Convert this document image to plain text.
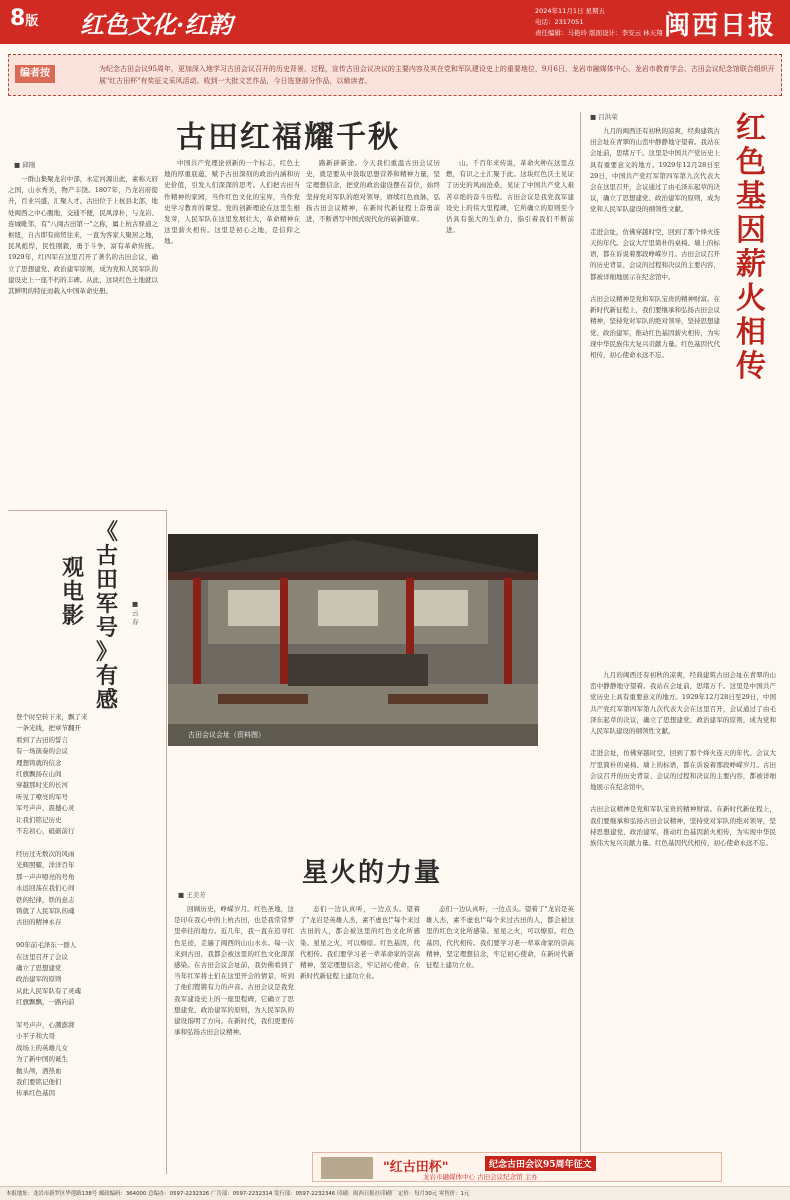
8版 红色文化·红韵	2024年11月1日 星期五
电话：2317051
责任编辑：马艳玲 版面设计：李安云 林天翔 闽西日报
编者按	为纪念古田会议95周年，更加深入地学习古田会议召开的历史背景、过程，宣传古田会议决议的主要内容及其在党和军队建设史上的重要地位，9月6日，龙岩市融媒体中心、龙岩市教育学会、古田会议纪念馆联合组织开展"红古田杯"有奖征文采风活动。收到一大批文艺作品，今日选登部分作品，以飨读者。
红
色
基
因
薪
火
相
传
古田红福耀千秋
■ 邱刚

一群山集聚龙岩中部，永定河源出此，素称天府之国，山水秀美，物产丰饶。1807年，乃龙岩府提升，百业兴盛，汇聚人才。古田位于上杭县北部，地处闽西之中心腹地，交通不便，民风淳朴，与龙岩、连城毗邻，有"八闽古田第一"之称，属上杭古驿道之枢纽，自古即有商贸往来，一直为客家人聚居之地，民风彪悍，民性刚毅，勇于斗争，富有革命传统。1929年，红四军在这里召开了著名的古田会议，确立了思想建党、政治建军原则，成为党和人民军队的建设史上一座不朽的丰碑。从此，这块红色土地就以其鲜明的特征而载入中国革命史册。

中国共产党理论创新的一个标志，红色土地的厚重底蕴，赋予古田深刻的政治内涵和历史价值，引发人们深深的思考。人们把古田当作精神的家园，当作红色文化的宝库，当作党史学习教育的课堂。党的创新理论在这里生根发芽，人民军队在这里发展壮大，革命精神在这里薪火相传。这里是初心之地，是信仰之地。

路新辟新途。今天我们重温古田会议历史，就是要从中汲取思想营养和精神力量，坚定理想信念，把党的政治建设摆在首位，始终坚持党对军队的绝对领导，赓续红色血脉，弘扬古田会议精神，在新时代新征程上奋勇前进，不断谱写中国式现代化的崭新篇章。

山。千百年来传说，革命火种在这里点燃，有识之士汇聚于此。这块红色沃土见证了历史的风雨沧桑，见证了中国共产党人艰苦卓绝的奋斗历程。古田会议是我党我军建设史上的伟大里程碑，它所确立的原则至今仍具有强大的生命力，指引着我们不断前进。

《
古
田
军
号
》
有
感
观
电
影	■ 云春
登个时空转下来，飘了来
一条光线，把章节翻开
看到了古田的誓言
有一场演奏的会议
理想铸就的信念
红旗飘扬在山间
穿越那时光的长河
听见了嘹亮的军号
军号声声，震撼心灵
让我们铭记历史
不忘初心，砥砺前行

经历过无数次的风雨
光辉照耀，洋洋百年
那一声声嘹亮的号角
永远回荡在我们心间
铁的纪律，铁的意志
铸就了人民军队的魂
古田的精神永存

90年前毛泽东一群人
在这里召开了会议
确立了思想建党
政治建军的原则
从此人民军队有了灵魂
红旗飘飘，一路向前

军号声声，心潮澎湃
小平子和大哥
战场上的英雄儿女
为了新中国的诞生
抛头颅，洒热血
我们要铭记他们
传承红色基因
古田会议会址（资料图）
星火的力量
■ 王美芳

回顾历史，峥嵘岁月。红色圣地，这是印在我心中的上杭古田，也是我常常梦里牵挂的地方。近几年，我一直在追寻红色足迹，走遍了闽西的山山水水。每一次来到古田，我都会被这里的红色文化深深感染。在古田会议会址前，我仿佛看到了当年红军将士们在这里开会的情景，听到了他们铿锵有力的声音。古田会议是我党我军建设史上的一座里程碑，它确立了思想建党、政治建军的原则，为人民军队的建设指明了方向。在新时代，我们更要传承和弘扬古田会议精神。

态们一边认真听，一边点头。望着了"龙岩是英雄人杰，素不虚也!"每个来过古田的人，都会被这里的红色文化所感染。星星之火，可以燎原。红色基因，代代相传。我们要学习老一辈革命家的崇高精神，坚定理想信念，牢记初心使命，在新时代新征程上建功立业。

态们一边认真听，一边点头。望着了"龙岩是英雄人杰，素不虚也!"每个来过古田的人，都会被这里的红色文化所感染。星星之火，可以燎原。红色基因，代代相传。我们要学习老一辈革命家的崇高精神，坚定理想信念，牢记初心使命，在新时代新征程上建功立业。

■ 吕洪荣

九月的闽西还有初秋的凉爽，经典建筑古田会址在青翠的山峦中静静地守望着。我站在会址前，思绪万千。这里是中国共产党历史上具有重要意义的地方。1929年12月28日至29日，中国共产党红军第四军第九次代表大会在这里召开，会议通过了由毛泽东起草的决议，确立了思想建党、政治建军的原则，成为党和人民军队建设的纲领性文献。

走进会址，仿佛穿越时空，回到了那个烽火连天的年代。会议大厅里简朴的桌椅、墙上的标语，都在诉说着那段峥嵘岁月。古田会议召开的历史背景、会议的过程和决议的主要内容，都被详细地展示在纪念馆中。

古田会议精神是党和军队宝贵的精神财富。在新时代新征程上，我们要继承和弘扬古田会议精神，坚持党对军队的绝对领导，坚持思想建党、政治建军，推动红色基因薪火相传，为实现中华民族伟大复兴贡献力量。红色基因代代相传，初心使命永远不忘。

九月的闽西还有初秋的凉爽，经典建筑古田会址在青翠的山峦中静静地守望着。我站在会址前，思绪万千。这里是中国共产党历史上具有重要意义的地方。1929年12月28日至29日，中国共产党红军第四军第九次代表大会在这里召开，会议通过了由毛泽东起草的决议，确立了思想建党、政治建军的原则，成为党和人民军队建设的纲领性文献。

走进会址，仿佛穿越时空，回到了那个烽火连天的年代。会议大厅里简朴的桌椅、墙上的标语，都在诉说着那段峥嵘岁月。古田会议召开的历史背景、会议的过程和决议的主要内容，都被详细地展示在纪念馆中。

古田会议精神是党和军队宝贵的精神财富。在新时代新征程上，我们要继承和弘扬古田会议精神，坚持党对军队的绝对领导，坚持思想建党、政治建军，推动红色基因薪火相传，为实现中华民族伟大复兴贡献力量。红色基因代代相传，初心使命永远不忘。

"红古田杯"	纪念古田会议95周年征文
龙岩市融媒体中心 古田会议纪念馆 主办
本报地址：龙岩市新罗区华莲路138号 邮政编码：364000 总编办：0597-2232326 广告部：0597-2232314 发行部：0597-2232346 印刷：闽西日报社印刷厂 定价：每月30元 零售价：1元
